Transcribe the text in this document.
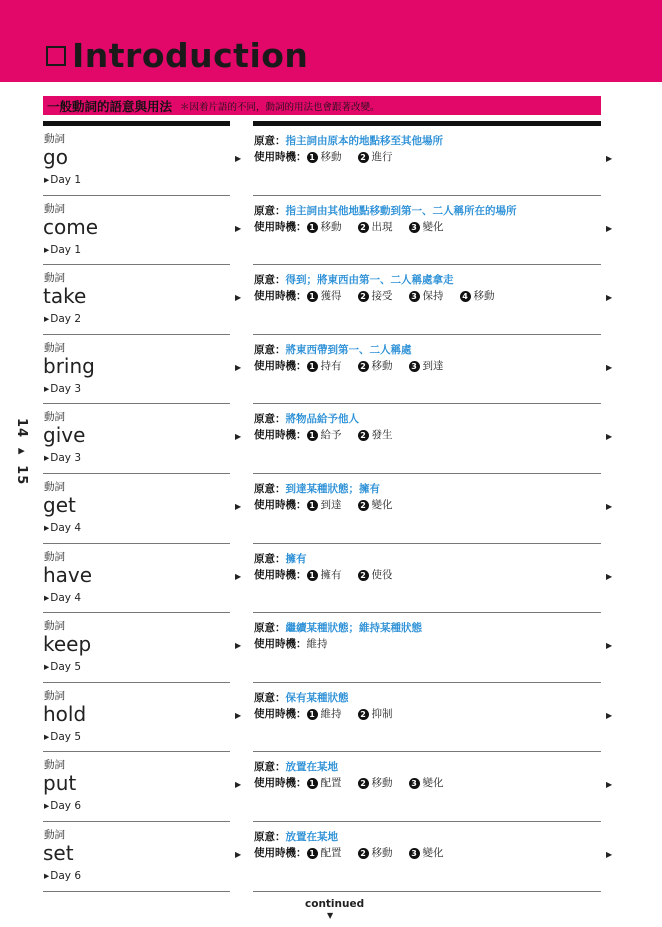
Introduction
一般動詞的語意與用法 ＊因着片語的不同，動詞的用法也會跟著改變。
14 ▸ 15
動詞
go
▸ Day 1
▶	▶
原意：指主詞由原本的地點移至其他場所
使用時機： 1 移動	2 進行
動詞
come
▸ Day 1
▶	▶
原意：指主詞由其他地點移動到第一、二人稱所在的場所
使用時機： 1 移動	2 出現	3 變化
動詞
take
▸ Day 2
▶	▶
原意：得到；將東西由第一、二人稱處拿走
使用時機： 1 獲得	2 接受	3 保持	4 移動
動詞
bring
▸ Day 3
▶	▶
原意：將東西帶到第一、二人稱處
使用時機： 1 持有	2 移動	3 到達
動詞
give
▸ Day 3
▶	▶
原意：將物品給予他人
使用時機： 1 給予	2 發生
動詞
get
▸ Day 4
▶	▶
原意：到達某種狀態；擁有
使用時機： 1 到達	2 變化
動詞
have
▸ Day 4
▶	▶
原意：擁有
使用時機： 1 擁有	2 使役
動詞
keep
▸ Day 5
▶	▶
原意：繼續某種狀態；維持某種狀態
使用時機： 維持
動詞
hold
▸ Day 5
▶	▶
原意：保有某種狀態
使用時機： 1 維持	2 抑制
動詞
put
▸ Day 6
▶	▶
原意：放置在某地
使用時機： 1 配置	2 移動	3 變化
動詞
set
▸ Day 6
▶	▶
原意：放置在某地
使用時機： 1 配置	2 移動	3 變化
continued
▼
